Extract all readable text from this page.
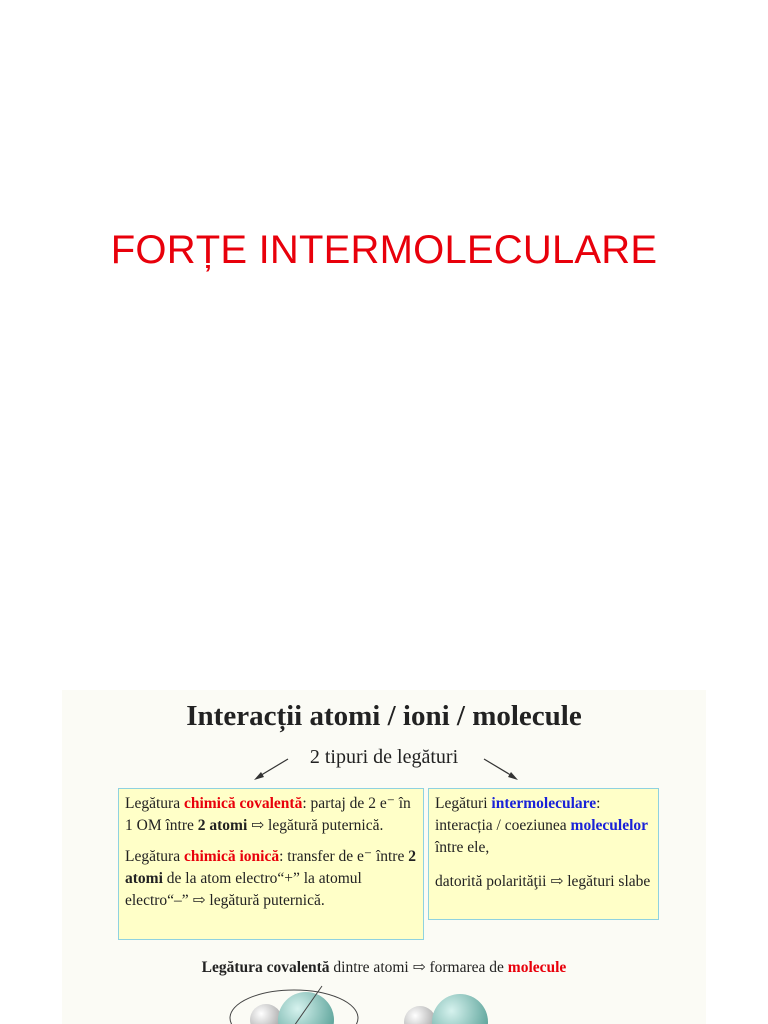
FORȚE INTERMOLECULARE
Interacții atomi / ioni / molecule
2 tipuri de legături

Legătura chimică covalentă: partaj de 2 e⁻ în 1 OM între 2 atomi ⇨ legătură puternică.

Legătura chimică ionică: transfer de e⁻ între 2 atomi de la atom electro“+” la atomul electro“–” ⇨ legătură puternică.

Legături intermoleculare: interacția / coeziunea moleculelor între ele,

datorită polarităţii ⇨ legături slabe

Legătura covalentă dintre atomi ⇨ formarea de molecule
